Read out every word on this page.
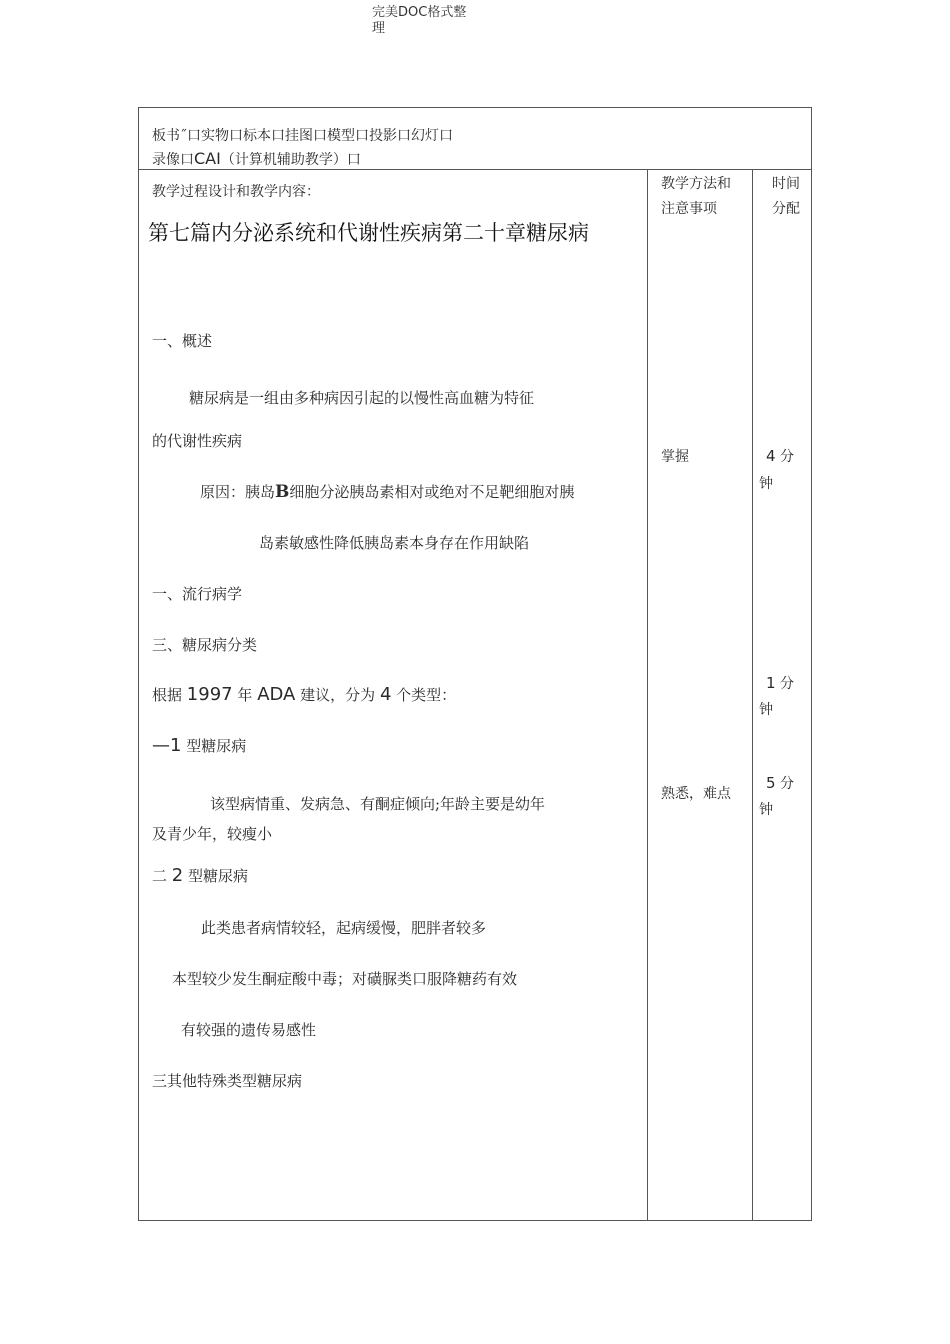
完美DOC格式整
理
板书˝口实物口标本口挂图口模型口投影口幻灯口
录像口CAI（计算机辅助教学）口
教学过程设计和教学内容：	教学方法和
注意事项
时间
分配
第七篇内分泌系统和代谢性疾病第二十章糖尿病
一、概述
糖尿病是一组由多种病因引起的以慢性高血糖为特征
的代谢性疾病
原因：胰岛B细胞分泌胰岛素相对或绝对不足靶细胞对胰
岛素敏感性降低胰岛素本身存在作用缺陷
一、流行病学
三、糖尿病分类
根据 1997 年 ADA 建议，分为 4 个类型：
—1 型糖尿病
该型病情重、发病急、有酮症倾向;年龄主要是幼年
及青少年，较瘦小
二 2 型糖尿病
此类患者病情较轻，起病缓慢，肥胖者较多
本型较少发生酮症酸中毒；对磺脲类口服降糖药有效
有较强的遗传易感性
三其他特殊类型糖尿病
掌握
熟悉，难点
4 分
钟
1 分
钟
5 分
钟
